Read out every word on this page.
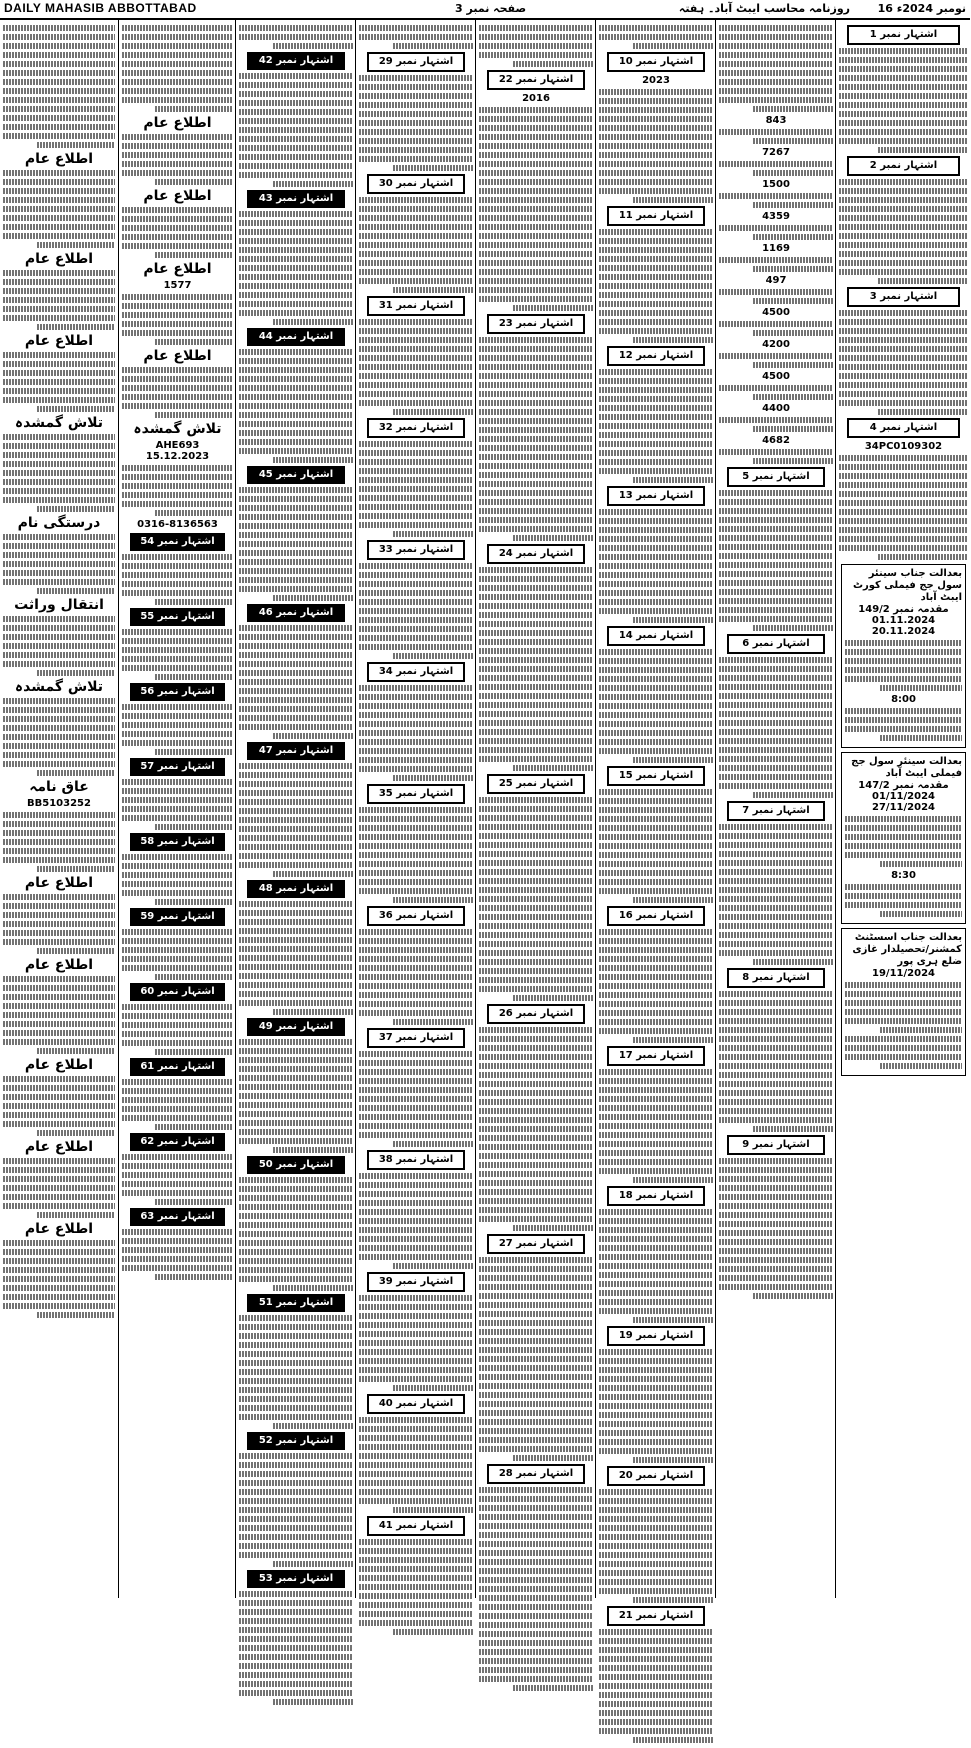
DAILY MAHASIB ABBOTTABAD	صفحہ نمبر 3	روزنامہ محاسب ایبٹ آباد۔ ہفتہ	16 نومبر 2024ء
اطلاع عام
اطلاع عام
اطلاع عام
تلاش گمشدہ
درستگی نام
انتقال وراثت
تلاش گمشدہ
عاق نامہ
BB5103252
اطلاع عام
اطلاع عام
اطلاع عام
اطلاع عام
اطلاع عام
اطلاع عام
اطلاع عام
اطلاع عام
1577
اطلاع عام
تلاش گمشدہ
AHE693
15.12.2023
0316-8136563
اشتہار نمبر 54
اشتہار نمبر 55
اشتہار نمبر 56
اشتہار نمبر 57
اشتہار نمبر 58
اشتہار نمبر 59
اشتہار نمبر 60
اشتہار نمبر 61
اشتہار نمبر 62
اشتہار نمبر 63
اشتہار نمبر 42
اشتہار نمبر 43
اشتہار نمبر 44
اشتہار نمبر 45
اشتہار نمبر 46
اشتہار نمبر 47
اشتہار نمبر 48
اشتہار نمبر 49
اشتہار نمبر 50
اشتہار نمبر 51
اشتہار نمبر 52
اشتہار نمبر 53
اشتہار نمبر 29
اشتہار نمبر 30
اشتہار نمبر 31
اشتہار نمبر 32
اشتہار نمبر 33
اشتہار نمبر 34
اشتہار نمبر 35
اشتہار نمبر 36
اشتہار نمبر 37
اشتہار نمبر 38
اشتہار نمبر 39
اشتہار نمبر 40
اشتہار نمبر 41
اشتہار نمبر 22
2016
اشتہار نمبر 23
اشتہار نمبر 24
اشتہار نمبر 25
اشتہار نمبر 26
اشتہار نمبر 27
اشتہار نمبر 28
اشتہار نمبر 10
2023
اشتہار نمبر 11
اشتہار نمبر 12
اشتہار نمبر 13
اشتہار نمبر 14
اشتہار نمبر 15
اشتہار نمبر 16
اشتہار نمبر 17
اشتہار نمبر 18
اشتہار نمبر 19
اشتہار نمبر 20
اشتہار نمبر 21
843
7267
1500
4359
1169
497
4500
4200
4500
4400
4682
اشتہار نمبر 5
اشتہار نمبر 6
اشتہار نمبر 7
اشتہار نمبر 8
اشتہار نمبر 9
اشتہار نمبر 1
اشتہار نمبر 2
اشتہار نمبر 3
اشتہار نمبر 4
34PC0109302
بعدالت جناب سینئر سول جج فیملی کورٹ ایبٹ آباد
مقدمہ نمبر 149/2
01.11.2024
20.11.2024
8:00
بعدالت سینئر سول جج فیملی ایبٹ آباد
مقدمہ نمبر 147/2
01/11/2024
27/11/2024
8:30
بعدالت جناب اسسٹنٹ کمشنر/تحصیلدار غازی ضلع ہری پور
19/11/2024
